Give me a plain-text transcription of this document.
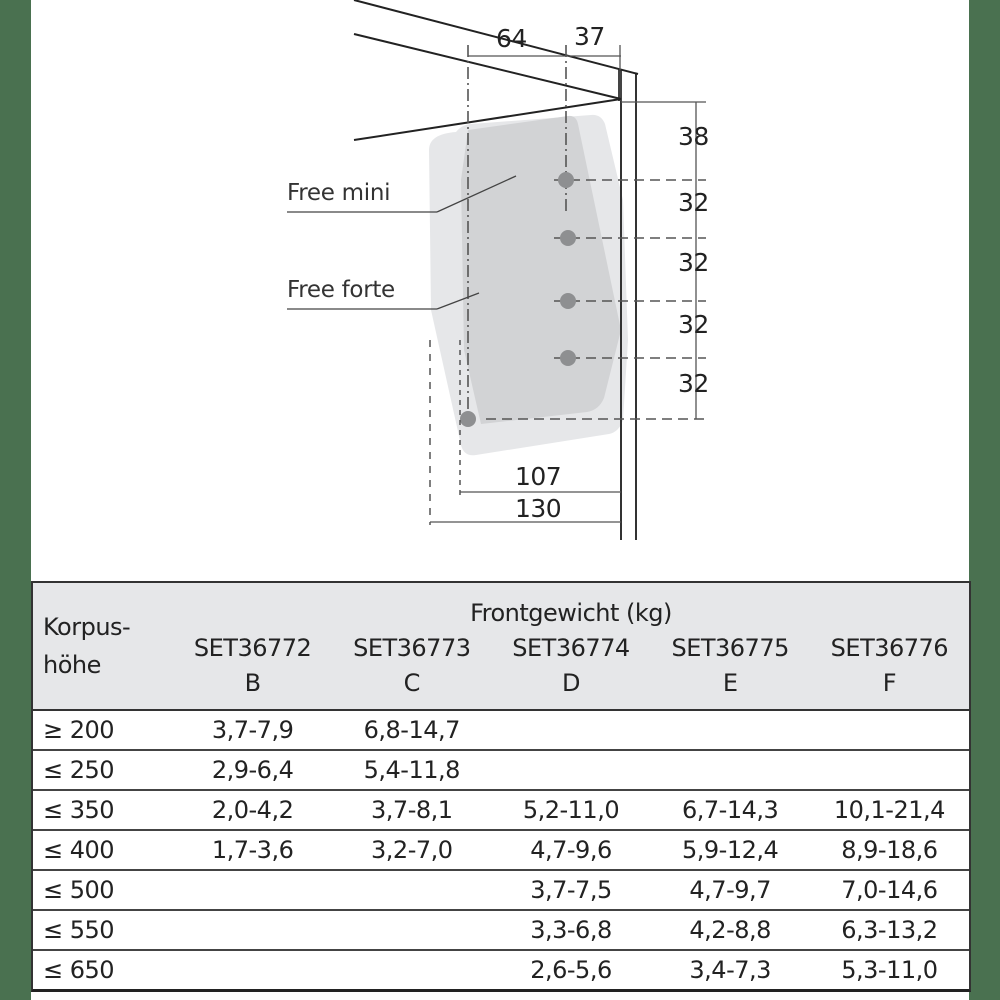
64 37
38
32
32
32
32
107
130
Free mini
Free forte
Korpus-
höhe	Frontgewicht (kg)				
	SET36772	SET36773	SET36774	SET36775	SET36776
	B	C	D	E	F
≥ 200	3,7-7,9	6,8-14,7			
≤ 250	2,9-6,4	5,4-11,8			
≤ 350	2,0-4,2	3,7-8,1	5,2-11,0	6,7-14,3	10,1-21,4
≤ 400	1,7-3,6	3,2-7,0	4,7-9,6	5,9-12,4	8,9-18,6
≤ 500			3,7-7,5	4,7-9,7	7,0-14,6
≤ 550			3,3-6,8	4,2-8,8	6,3-13,2
≤ 650			2,6-5,6	3,4-7,3	5,3-11,0
